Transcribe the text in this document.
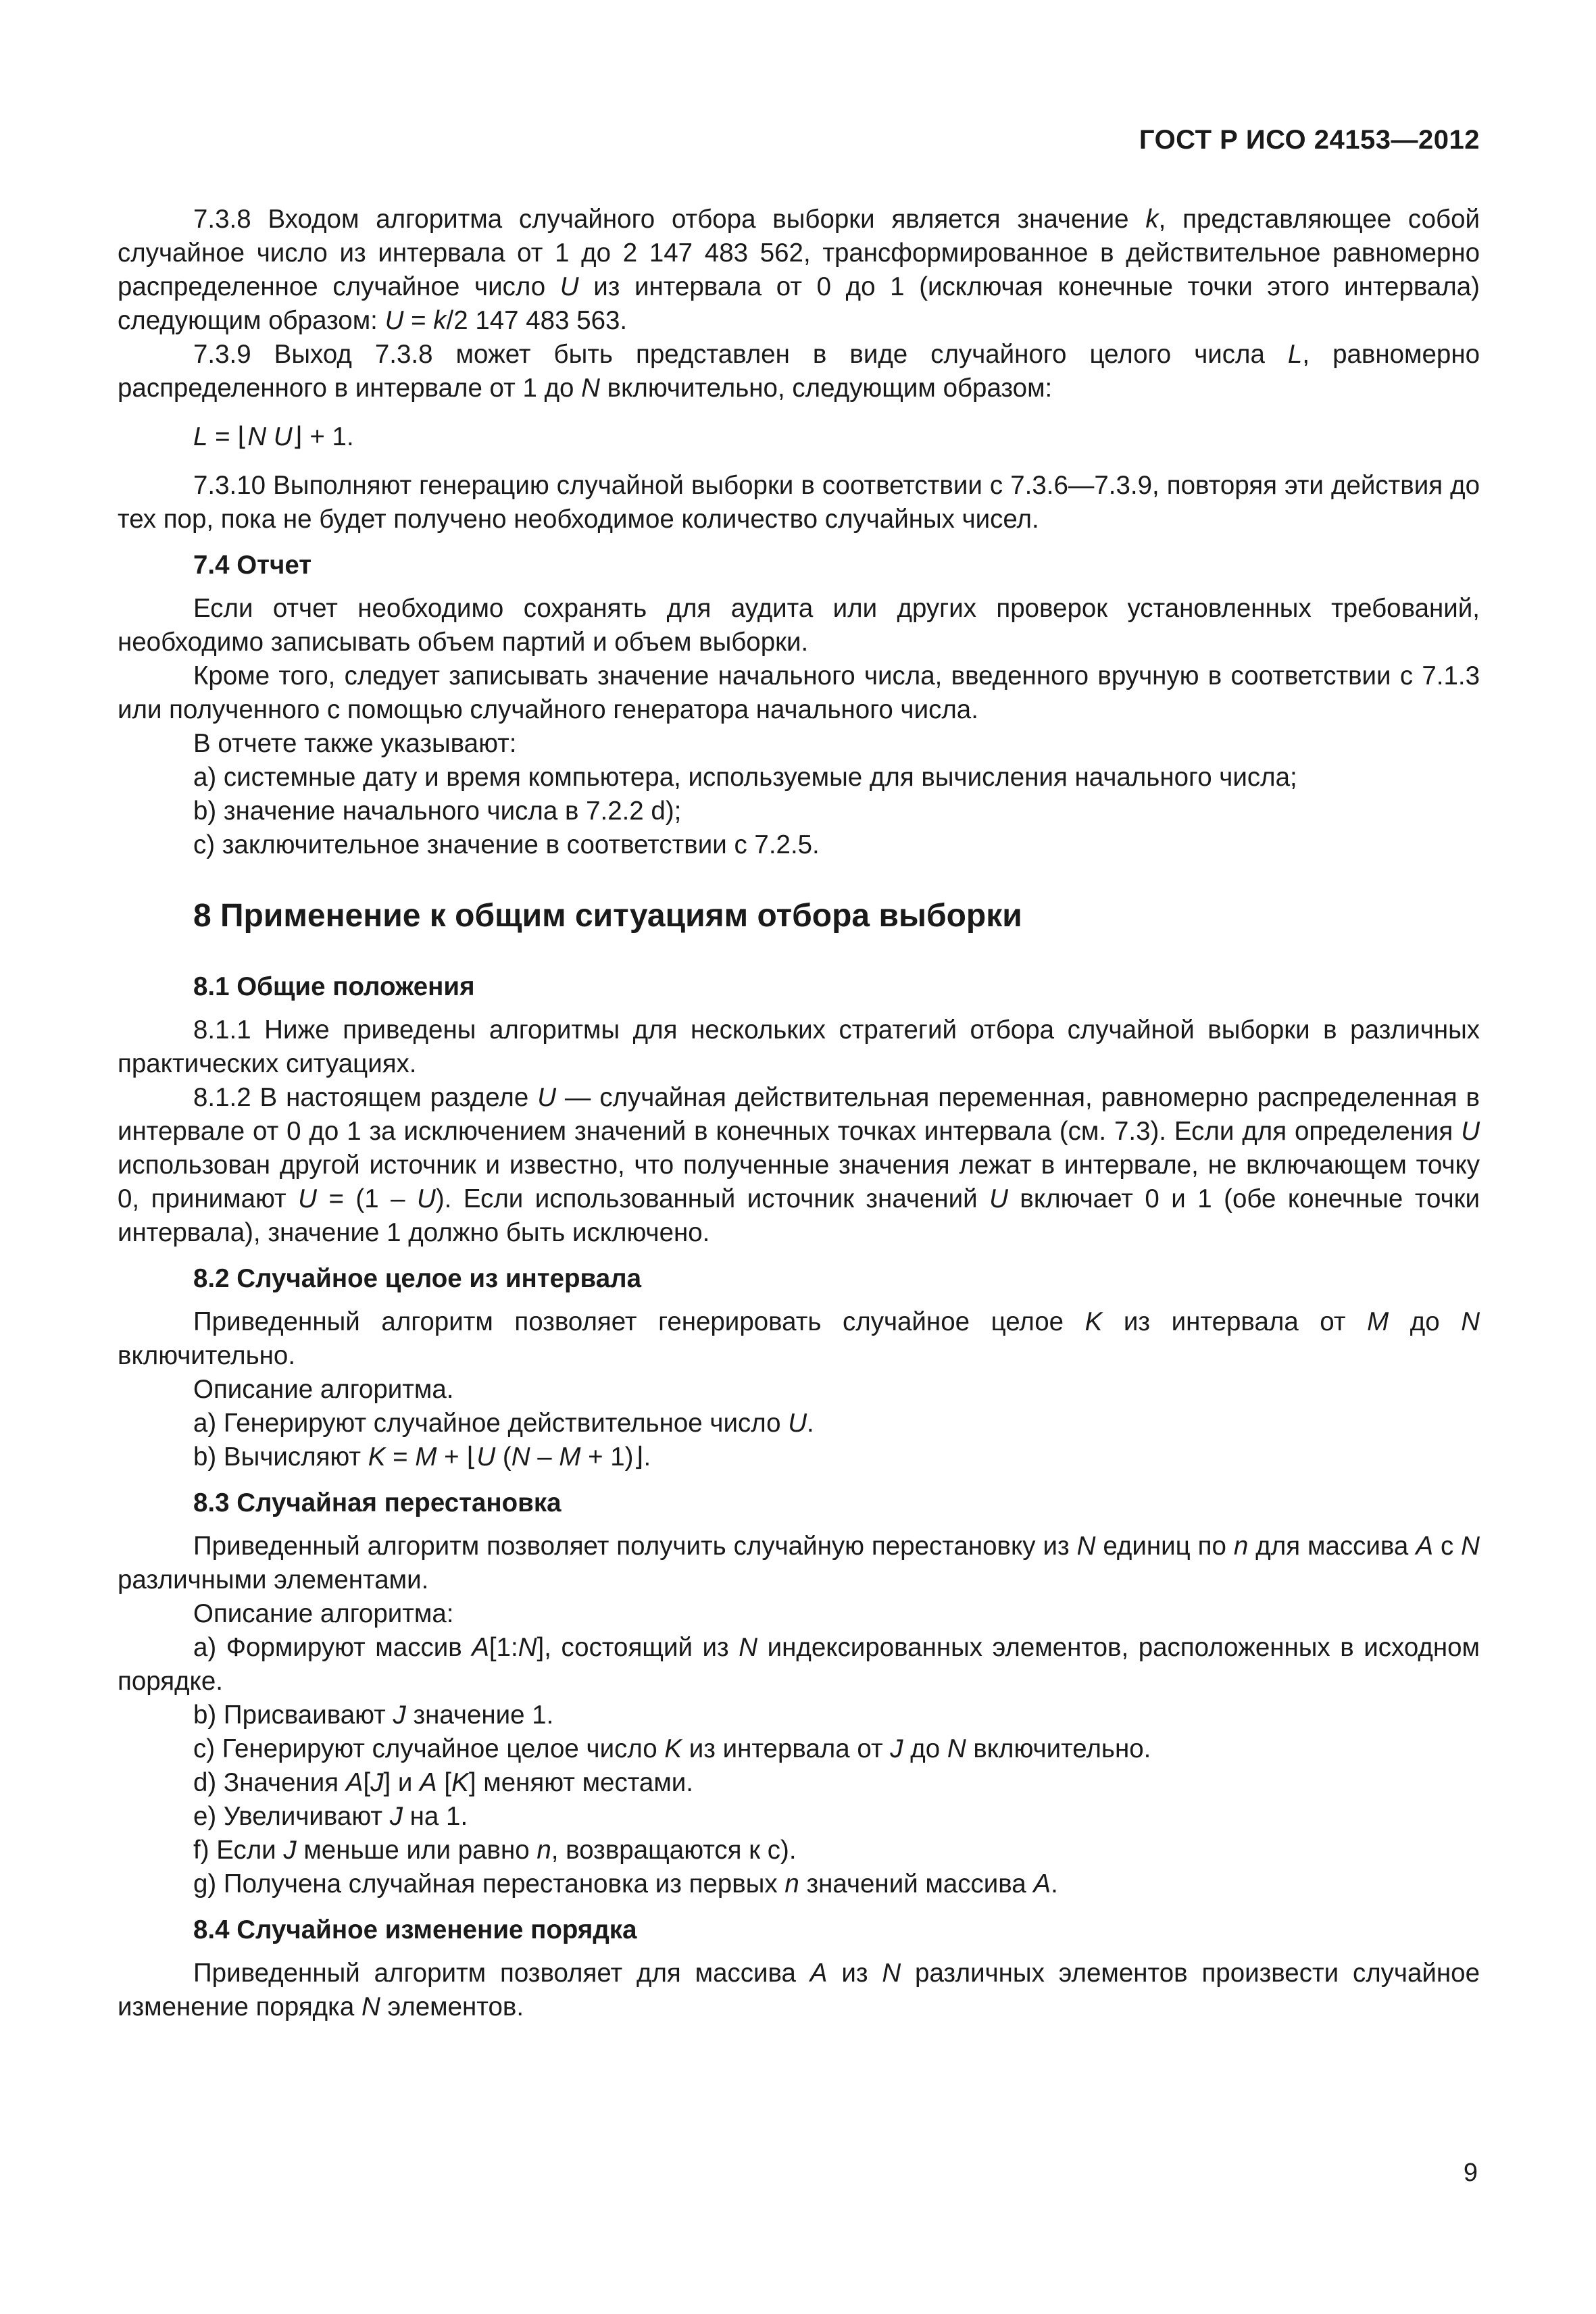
ГОСТ Р ИСО 24153—2012

7.3.8 Входом алгоритма случайного отбора выборки является значение k, представляющее собой случайное число из интервала от 1 до 2 147 483 562, трансформированное в действительное равномерно распределенное случайное число U из интервала от 0 до 1 (исключая конечные точки этого интервала) следующим образом: U = k/2 147 483 563.

7.3.9 Выход 7.3.8 может быть представлен в виде случайного целого числа L, равномерно распределенного в интервале от 1 до N включительно, следующим образом:

L = ⌊N U⌋ + 1.

7.3.10 Выполняют генерацию случайной выборки в соответствии с 7.3.6—7.3.9, повторяя эти действия до тех пор, пока не будет получено необходимое количество случайных чисел.

7.4 Отчет

Если отчет необходимо сохранять для аудита или других проверок установленных требований, необходимо записывать объем партий и объем выборки.

Кроме того, следует записывать значение начального числа, введенного вручную в соответствии с 7.1.3 или полученного с помощью случайного генератора начального числа.

В отчете также указывают:

a) системные дату и время компьютера, используемые для вычисления начального числа;

b) значение начального числа в 7.2.2 d);

c) заключительное значение в соответствии с 7.2.5.

8 Применение к общим ситуациям отбора выборки
8.1 Общие положения

8.1.1 Ниже приведены алгоритмы для нескольких стратегий отбора случайной выборки в различных практических ситуациях.

8.1.2 В настоящем разделе U — случайная действительная переменная, равномерно распределенная в интервале от 0 до 1 за исключением значений в конечных точках интервала (см. 7.3). Если для определения U использован другой источник и известно, что полученные значения лежат в интервале, не включающем точку 0, принимают U = (1 – U). Если использованный источник значений U включает 0 и 1 (обе конечные точки интервала), значение 1 должно быть исключено.

8.2 Случайное целое из интервала

Приведенный алгоритм позволяет генерировать случайное целое K из интервала от M до N включительно.

Описание алгоритма.

a) Генерируют случайное действительное число U.

b) Вычисляют K = M + ⌊U (N – M + 1)⌋.

8.3 Случайная перестановка

Приведенный алгоритм позволяет получить случайную перестановку из N единиц по n для массива A с N различными элементами.

Описание алгоритма:

a) Формируют массив A[1:N], состоящий из N индексированных элементов, расположенных в исходном порядке.

b) Присваивают J значение 1.

c) Генерируют случайное целое число K из интервала от J до N включительно.

d) Значения A[J] и A [K] меняют местами.

e) Увеличивают J на 1.

f) Если J меньше или равно n, возвращаются к c).

g) Получена случайная перестановка из первых n значений массива A.

8.4 Случайное изменение порядка

Приведенный алгоритм позволяет для массива A из N различных элементов произвести случайное изменение порядка N элементов.

9
